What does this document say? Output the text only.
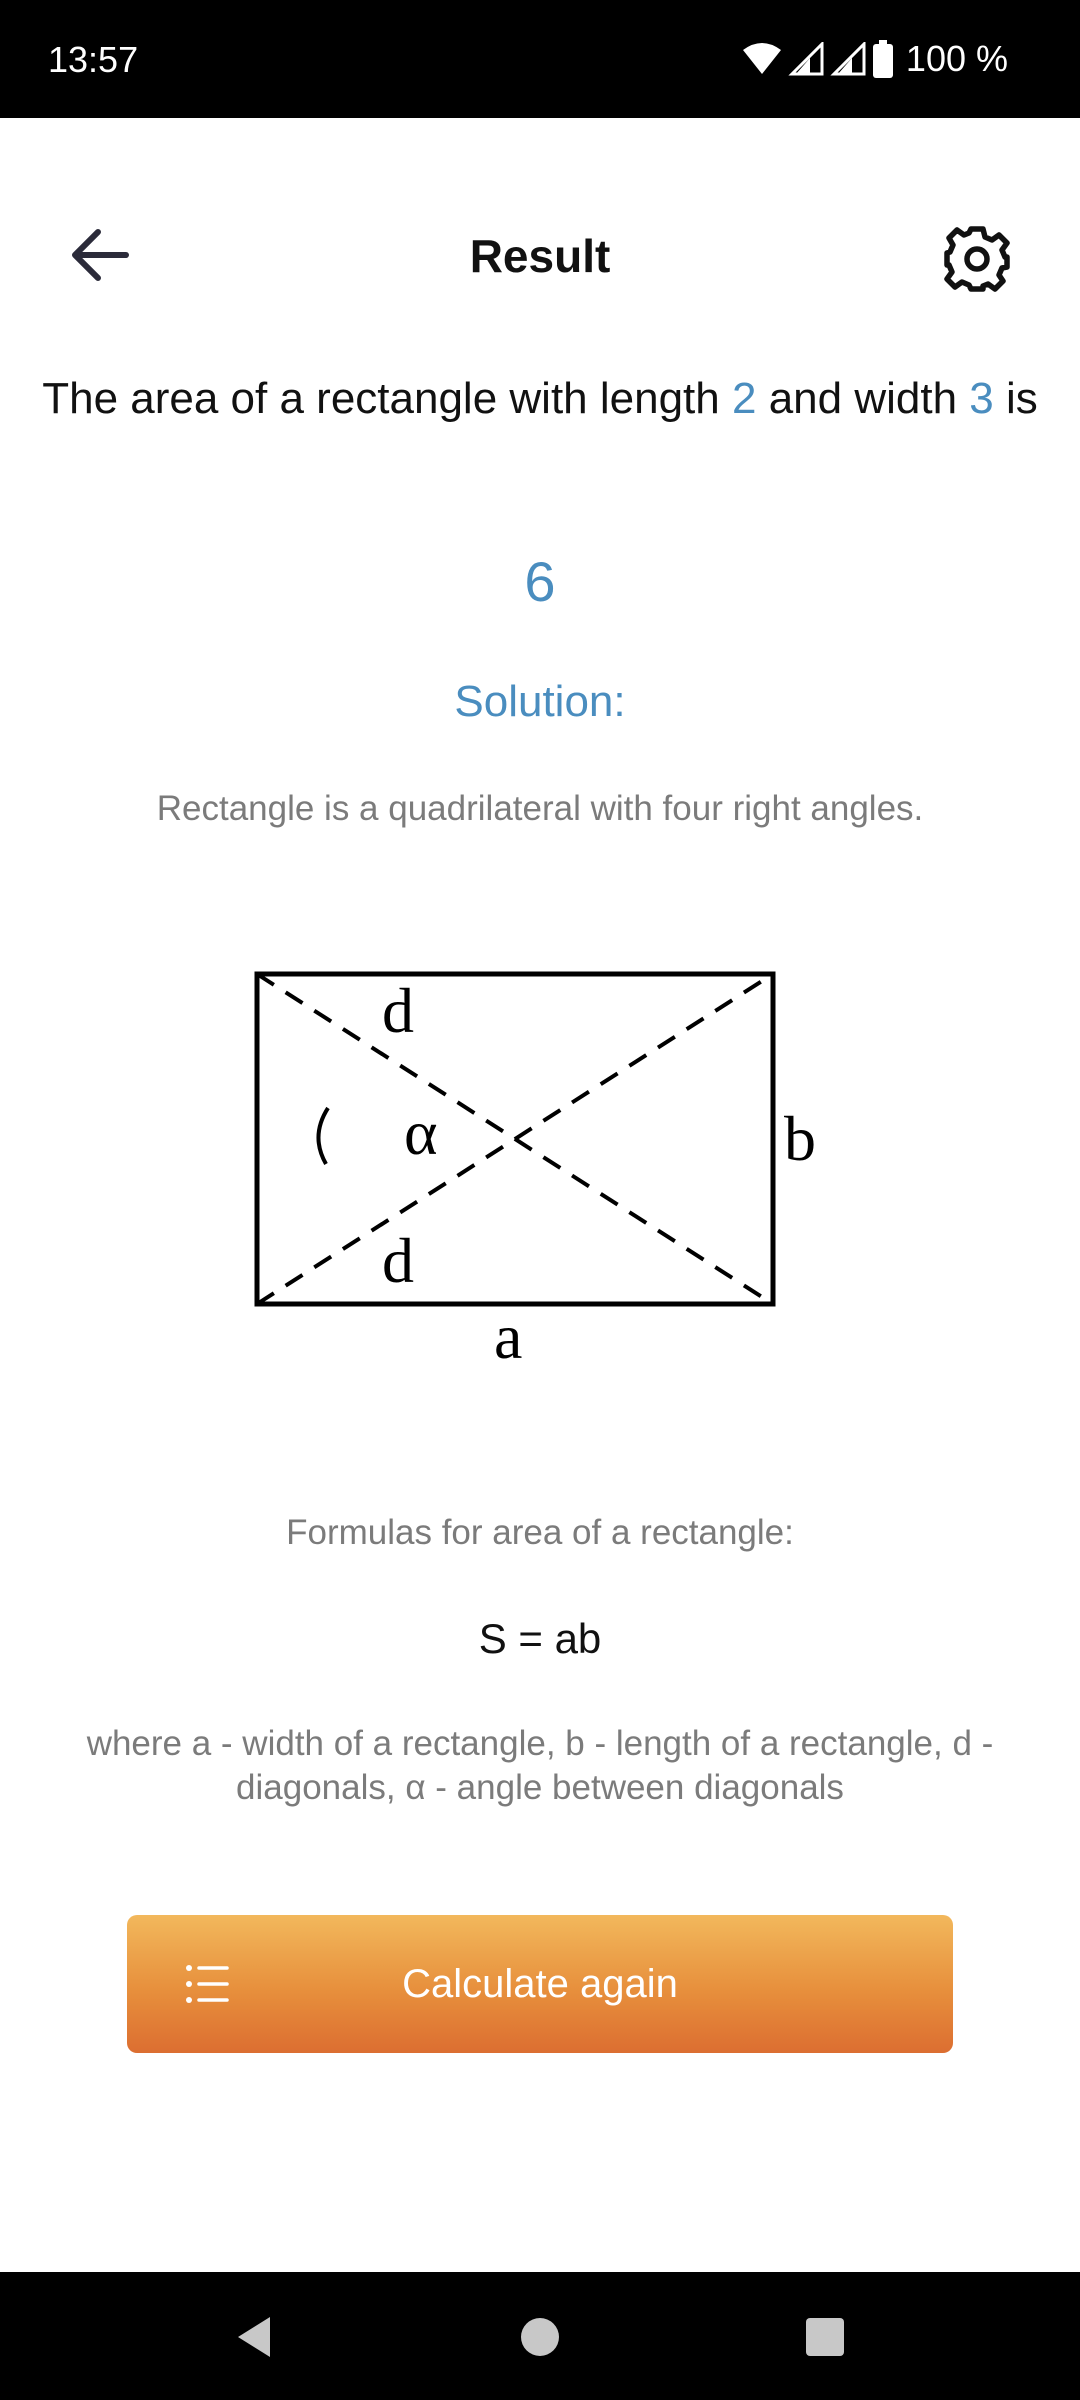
13:57	100 %
Result
The area of a rectangle with length 2 and width 3 is
6
Solution:
Rectangle is a quadrilateral with four right angles.
d
α
d
b
a
Formulas for area of a rectangle:
S = ab
where a - width of a rectangle, b - length of a rectangle, d - diagonals, α - angle between diagonals
Calculate again
